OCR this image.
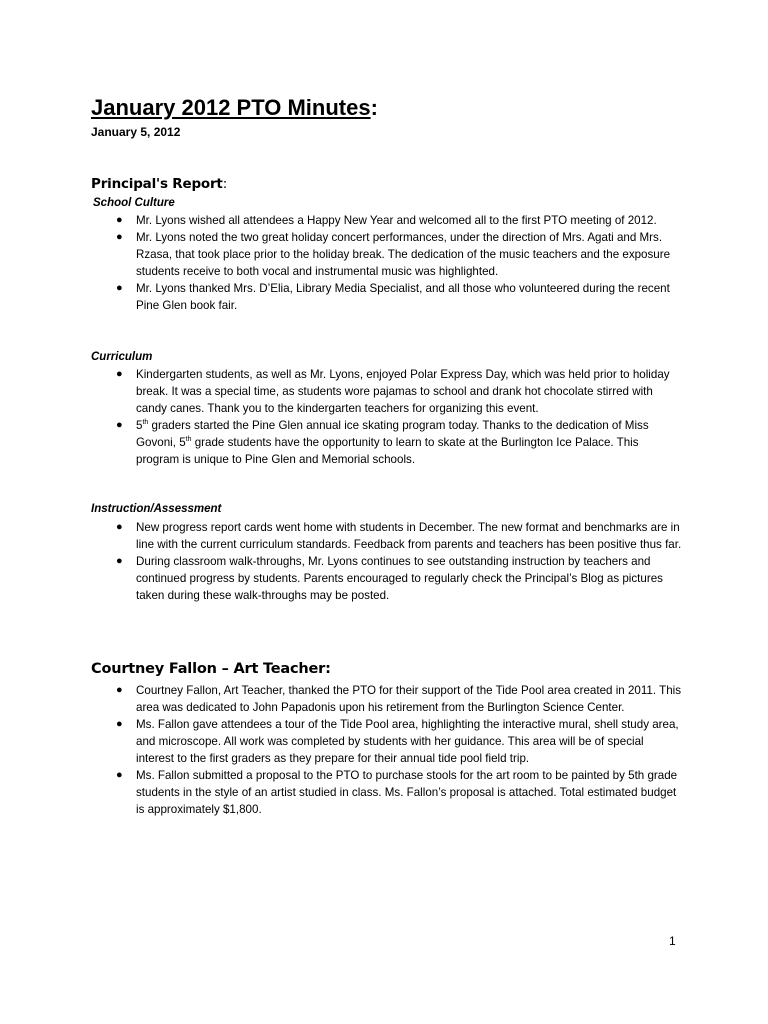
January 2012 PTO Minutes:

January 5, 2012

Principal's Report:

School Culture

● Mr. Lyons wished all attendees a Happy New Year and welcomed all to the first PTO meeting of 2012.
● Mr. Lyons noted the two great holiday concert performances, under the direction of Mrs. Agati and Mrs. Rzasa, that took place prior to the holiday break. The dedication of the music teachers and the exposure students receive to both vocal and instrumental music was highlighted.
● Mr. Lyons thanked Mrs. D’Elia, Library Media Specialist, and all those who volunteered during the recent Pine Glen book fair.

Curriculum

● Kindergarten students, as well as Mr. Lyons, enjoyed Polar Express Day, which was held prior to holiday break. It was a special time, as students wore pajamas to school and drank hot chocolate stirred with candy canes. Thank you to the kindergarten teachers for organizing this event.
● 5th graders started the Pine Glen annual ice skating program today. Thanks to the dedication of Miss Govoni, 5th grade students have the opportunity to learn to skate at the Burlington Ice Palace. This program is unique to Pine Glen and Memorial schools.

Instruction/Assessment

● New progress report cards went home with students in December. The new format and benchmarks are in line with the current curriculum standards. Feedback from parents and teachers has been positive thus far.
● During classroom walk-throughs, Mr. Lyons continues to see outstanding instruction by teachers and continued progress by students. Parents encouraged to regularly check the Principal’s Blog as pictures taken during these walk-throughs may be posted.
Courtney Fallon – Art Teacher:
● Courtney Fallon, Art Teacher, thanked the PTO for their support of the Tide Pool area created in 2011. This area was dedicated to John Papadonis upon his retirement from the Burlington Science Center.
● Ms. Fallon gave attendees a tour of the Tide Pool area, highlighting the interactive mural, shell study area, and microscope. All work was completed by students with her guidance. This area will be of special interest to the first graders as they prepare for their annual tide pool field trip.
● Ms. Fallon submitted a proposal to the PTO to purchase stools for the art room to be painted by 5th grade students in the style of an artist studied in class. Ms. Fallon’s proposal is attached. Total estimated budget is approximately $1,800.

1
